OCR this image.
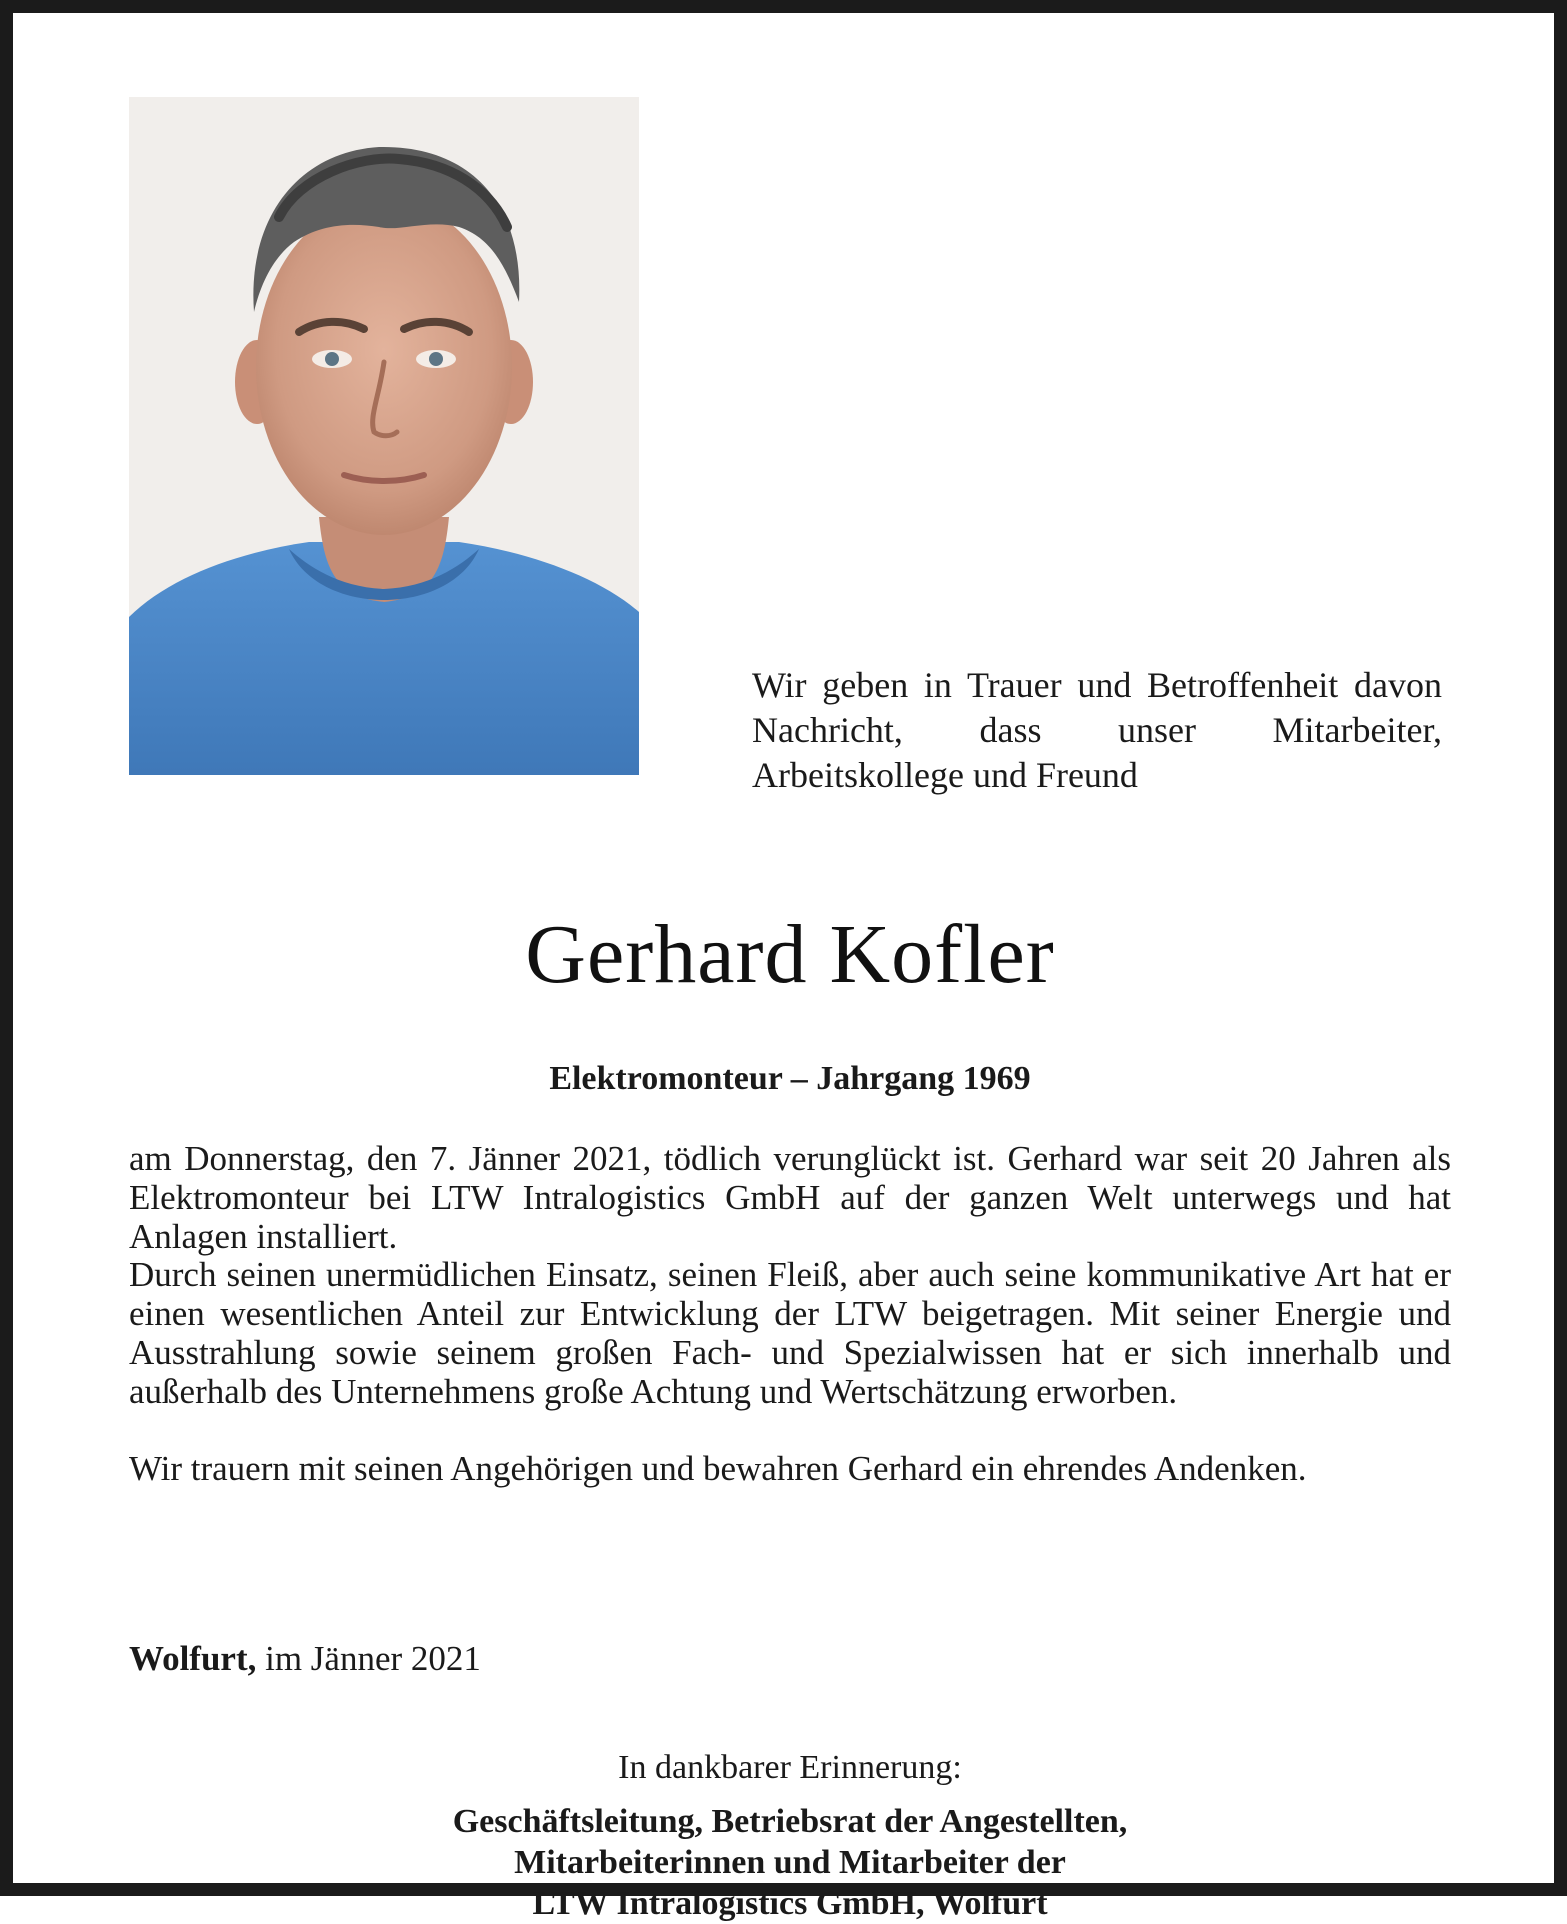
Wir geben in Trauer und Betroffenheit davon Nachricht, dass unser Mitarbeiter, Arbeitskollege und Freund

Gerhard Kofler

Elektromonteur – Jahrgang 1969

am Donnerstag, den 7. Jänner 2021, tödlich verunglückt ist. Gerhard war seit 20 Jahren als Elektromonteur bei LTW Intralogistics GmbH auf der ganzen Welt unterwegs und hat Anlagen installiert.

Durch seinen unermüdlichen Einsatz, seinen Fleiß, aber auch seine kommunikative Art hat er einen wesentlichen Anteil zur Entwicklung der LTW beigetragen. Mit seiner Energie und Ausstrahlung sowie seinem großen Fach- und Spezialwissen hat er sich innerhalb und außerhalb des Unternehmens große Achtung und Wertschätzung erworben.

Wir trauern mit seinen Angehörigen und bewahren Gerhard ein ehrendes Andenken.

Wolfurt, im Jänner 2021

In dankbarer Erinnerung:

Geschäftsleitung, Betriebsrat der Angestellten,

Mitarbeiterinnen und Mitarbeiter der

LTW Intralogistics GmbH, Wolfurt
